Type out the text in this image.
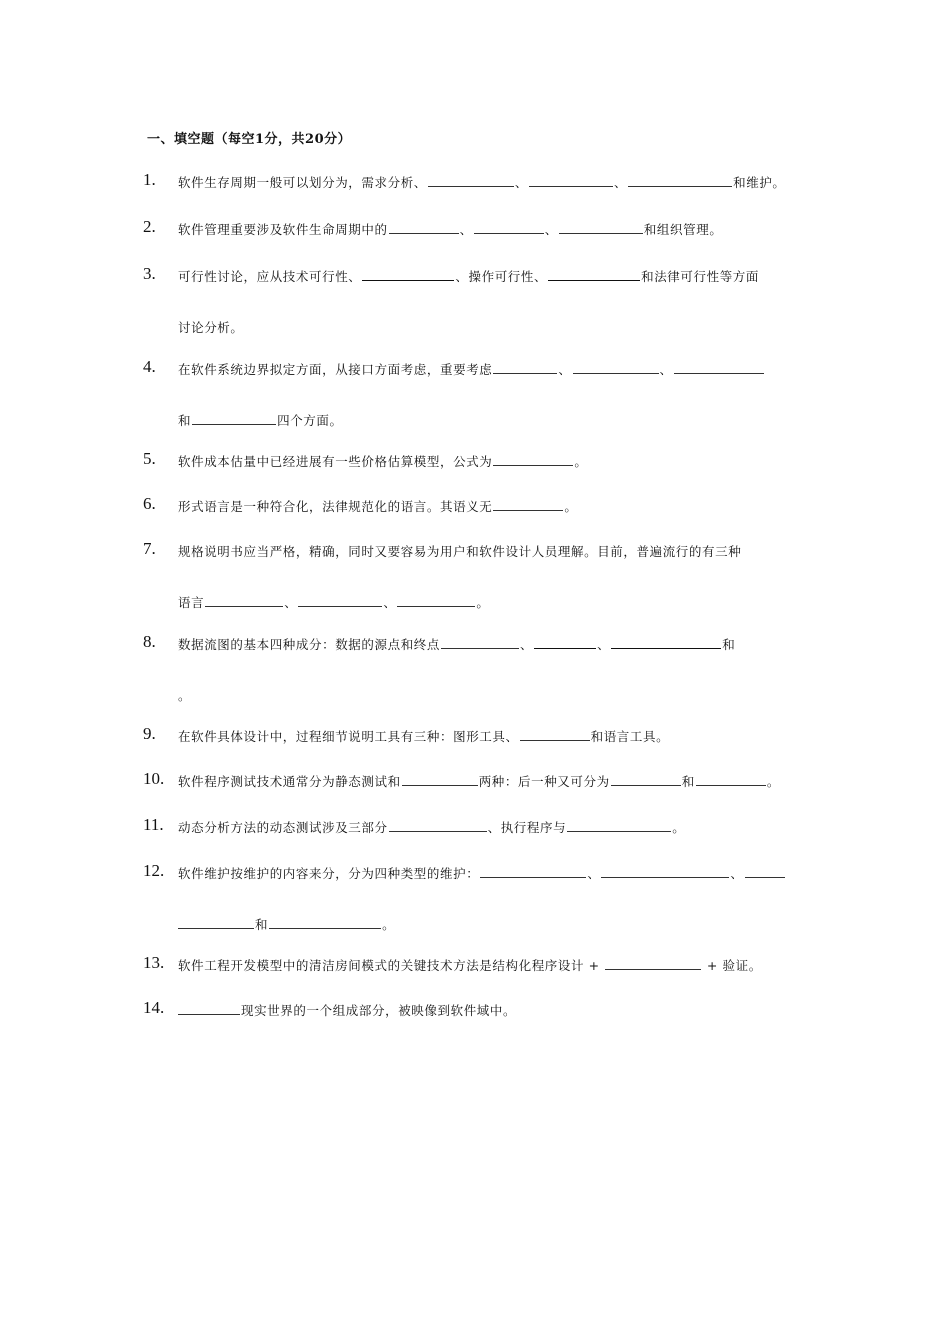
一、填空题（每空1分，共20分）
1. 软件生存周期一般可以划分为，需求分析、	、	、	和维护。
2. 软件管理重要涉及软件生命周期中的	、	、	和组织管理。
3. 可行性讨论，应从技术可行性、	、操作可行性、	和法律可行性等方面
讨论分析。
4. 在软件系统边界拟定方面，从接口方面考虑，重要考虑	、	、
和	四个方面。
5. 软件成本估量中已经进展有一些价格估算模型，公式为	。
6. 形式语言是一种符合化，法律规范化的语言。其语义无	。
7. 规格说明书应当严格，精确，同时又要容易为用户和软件设计人员理解。目前，普遍流行的有三种
语言	、	、	。
8. 数据流图的基本四种成分：数据的源点和终点	、	、	和
。
9. 在软件具体设计中，过程细节说明工具有三种：图形工具、	和语言工具。
10. 软件程序测试技术通常分为静态测试和	两种：后一种又可分为	和	。
11. 动态分析方法的动态测试涉及三部分	、执行程序与	。
12. 软件维护按维护的内容来分，分为四种类型的维护：	、	、
和	。
13. 软件工程开发模型中的清洁房间模式的关键技术方法是结构化程序设计 +	+ 验证。
14.	现实世界的一个组成部分，被映像到软件域中。
